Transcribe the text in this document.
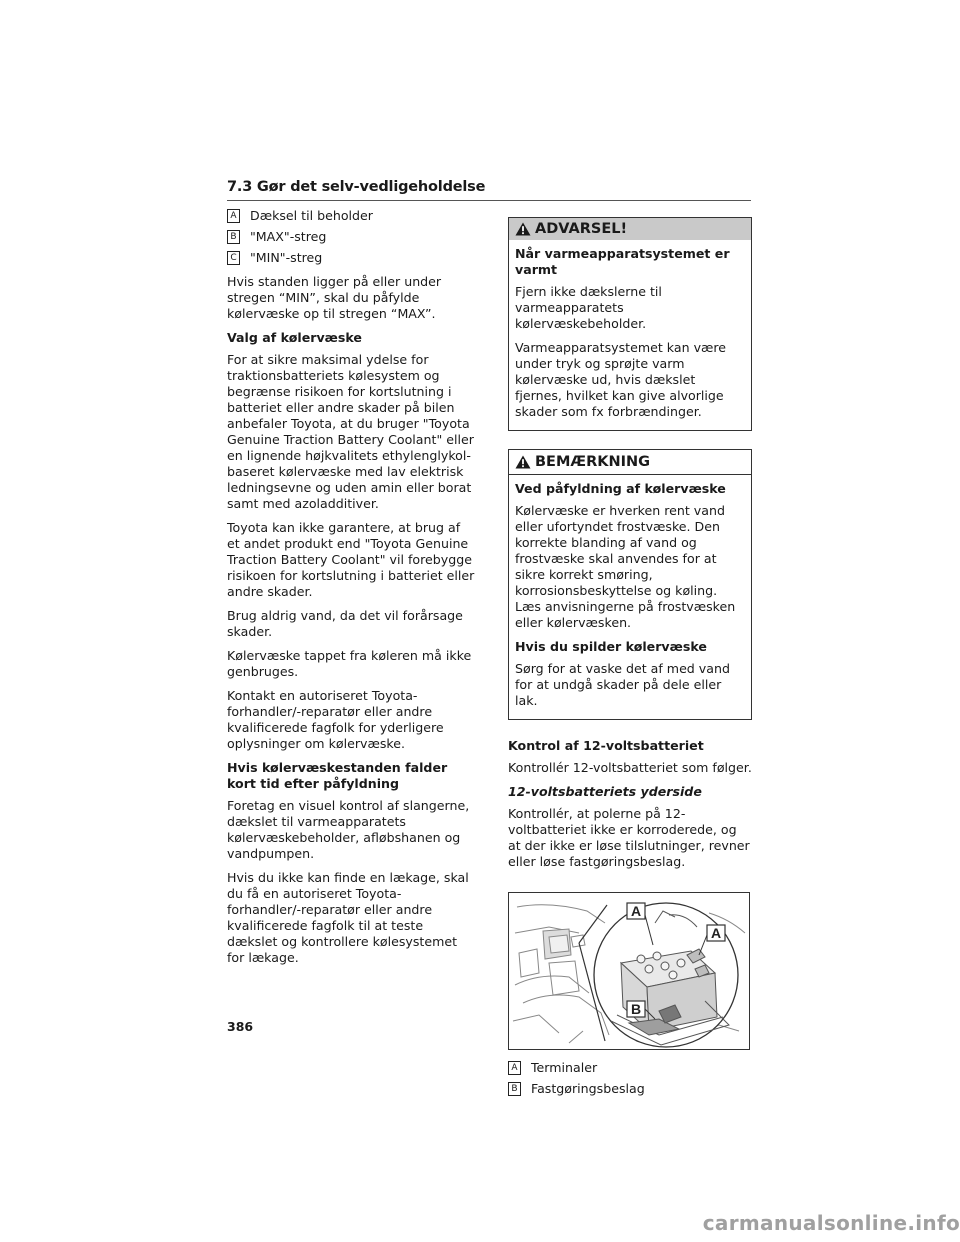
7.3 Gør det selv-vedligeholdelse
A Dæksel til beholder
B "MAX"-streg
C "MIN"-streg

Hvis standen ligger på eller under stregen “MIN”, skal du påfylde kølervæske op til stregen “MAX”.

Valg af kølervæske

For at sikre maksimal ydelse for traktionsbatteriets kølesystem og begrænse risikoen for kortslutning i batteriet eller andre skader på bilen anbefaler Toyota, at du bruger "Toyota Genuine Traction Battery Coolant" eller en lignende højkvalitets ethylenglykol-baseret kølervæske med lav elektrisk ledningsevne og uden amin eller borat samt med azoladditiver.

Toyota kan ikke garantere, at brug af et andet produkt end "Toyota Genuine Traction Battery Coolant" vil forebygge risikoen for kortslutning i batteriet eller andre skader.

Brug aldrig vand, da det vil forårsage skader.

Kølervæske tappet fra køleren må ikke genbruges.

Kontakt en autoriseret Toyota-forhandler/-reparatør eller andre kvalificerede fagfolk for yderligere oplysninger om kølervæske.

Hvis kølervæskestanden falder kort tid efter påfyldning

Foretag en visuel kontrol af slangerne, dækslet til varmeapparatets kølervæskebeholder, afløbshanen og vandpumpen.

Hvis du ikke kan finde en lækage, skal du få en autoriseret Toyota-forhandler/-reparatør eller andre kvalificerede fagfolk til at teste dækslet og kontrollere kølesystemet for lækage.

ADVARSEL!
Når varmeapparatsystemet er varmt

Fjern ikke dækslerne til varmeapparatets kølervæskebeholder.

Varmeapparatsystemet kan være under tryk og sprøjte varm kølervæske ud, hvis dækslet fjernes, hvilket kan give alvorlige skader som fx forbrændinger.

BEMÆRKNING
Ved påfyldning af kølervæske

Kølervæske er hverken rent vand eller ufortyndet frostvæske. Den korrekte blanding af vand og frostvæske skal anvendes for at sikre korrekt smøring, korrosionsbeskyttelse og køling. Læs anvisningerne på frostvæsken eller kølervæsken.

Hvis du spilder kølervæske

Sørg for at vaske det af med vand for at undgå skader på dele eller lak.

Kontrol af 12-voltsbatteriet

Kontrollér 12-voltsbatteriet som følger.

12-voltsbatteriets yderside

Kontrollér, at polerne på 12-voltbatteriet ikke er korroderede, og at der ikke er løse tilslutninger, revner eller løse fastgøringsbeslag.

A
A
B
A Terminaler
B Fastgøringsbeslag
386
carmanualsonline.info
